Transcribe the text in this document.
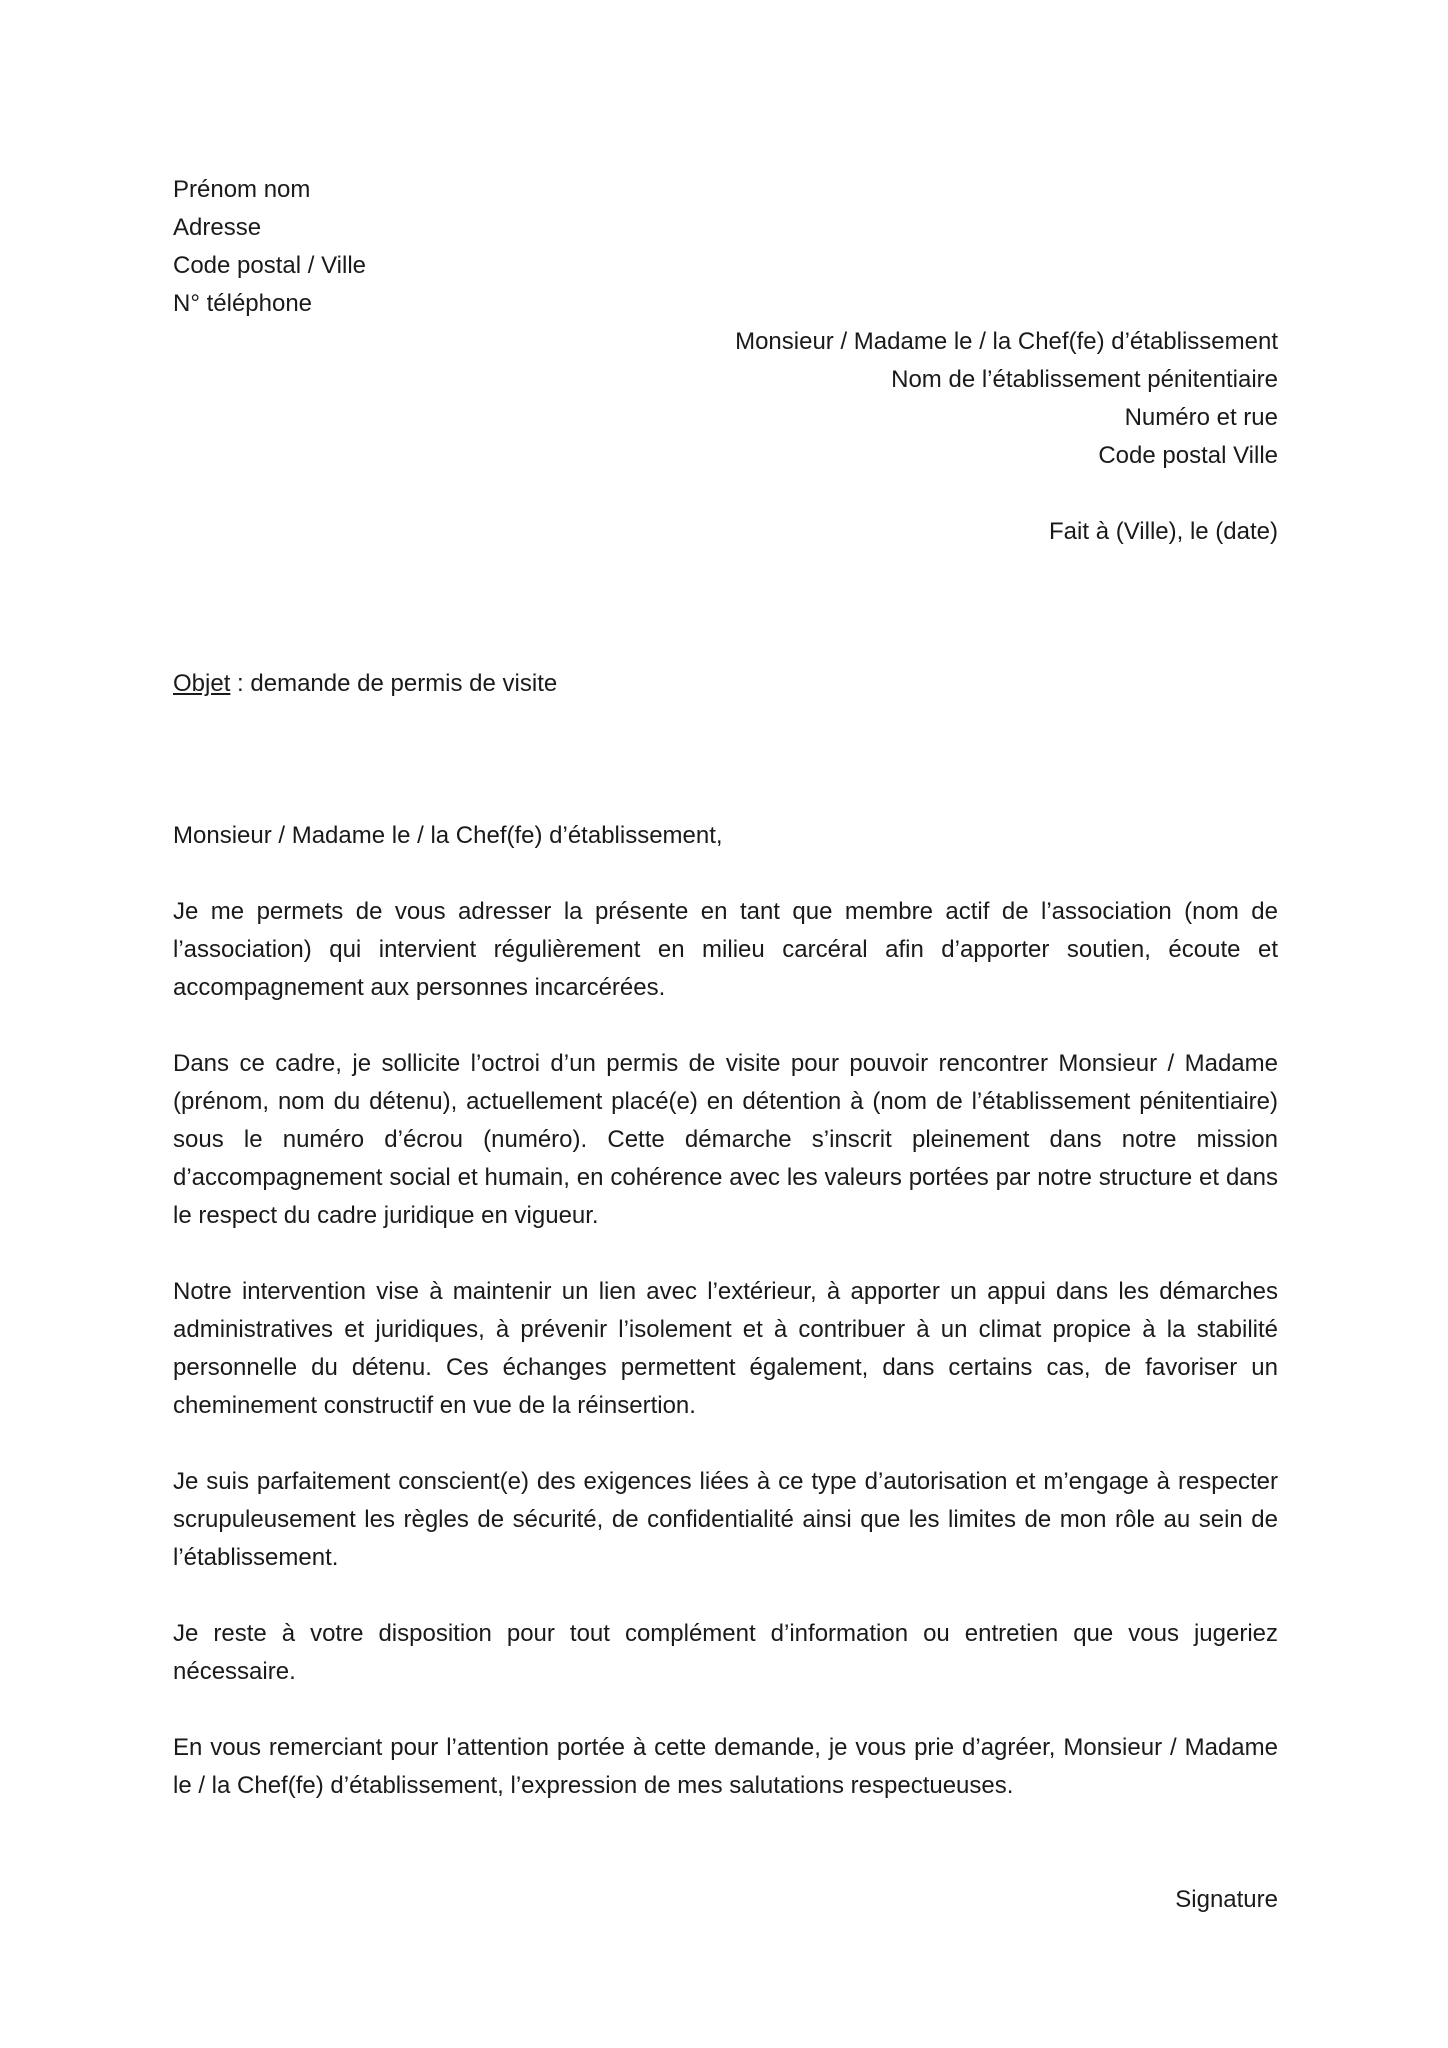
Prénom nom
Adresse
Code postal / Ville
N° téléphone
Monsieur / Madame le / la Chef(fe) d’établissement
Nom de l’établissement pénitentiaire
Numéro et rue
Code postal Ville
Fait à (Ville), le (date)
Objet : demande de permis de visite

Monsieur / Madame le / la Chef(fe) d’établissement,

Je me permets de vous adresser la présente en tant que membre actif de l’association (nom de l’association) qui intervient régulièrement en milieu carcéral afin d’apporter soutien, écoute et accompagnement aux personnes incarcérées.

Dans ce cadre, je sollicite l’octroi d’un permis de visite pour pouvoir rencontrer Monsieur / Madame (prénom, nom du détenu), actuellement placé(e) en détention à (nom de l’établissement pénitentiaire) sous le numéro d’écrou (numéro). Cette démarche s’inscrit pleinement dans notre mission d’accompagnement social et humain, en cohérence avec les valeurs portées par notre structure et dans le respect du cadre juridique en vigueur.

Notre intervention vise à maintenir un lien avec l’extérieur, à apporter un appui dans les démarches administratives et juridiques, à prévenir l’isolement et à contribuer à un climat propice à la stabilité personnelle du détenu. Ces échanges permettent également, dans certains cas, de favoriser un cheminement constructif en vue de la réinsertion.

Je suis parfaitement conscient(e) des exigences liées à ce type d’autorisation et m’engage à respecter scrupuleusement les règles de sécurité, de confidentialité ainsi que les limites de mon rôle au sein de l’établissement.

Je reste à votre disposition pour tout complément d’information ou entretien que vous jugeriez nécessaire.

En vous remerciant pour l’attention portée à cette demande, je vous prie d’agréer, Monsieur / Madame le / la Chef(fe) d’établissement, l’expression de mes salutations respectueuses.

Signature
